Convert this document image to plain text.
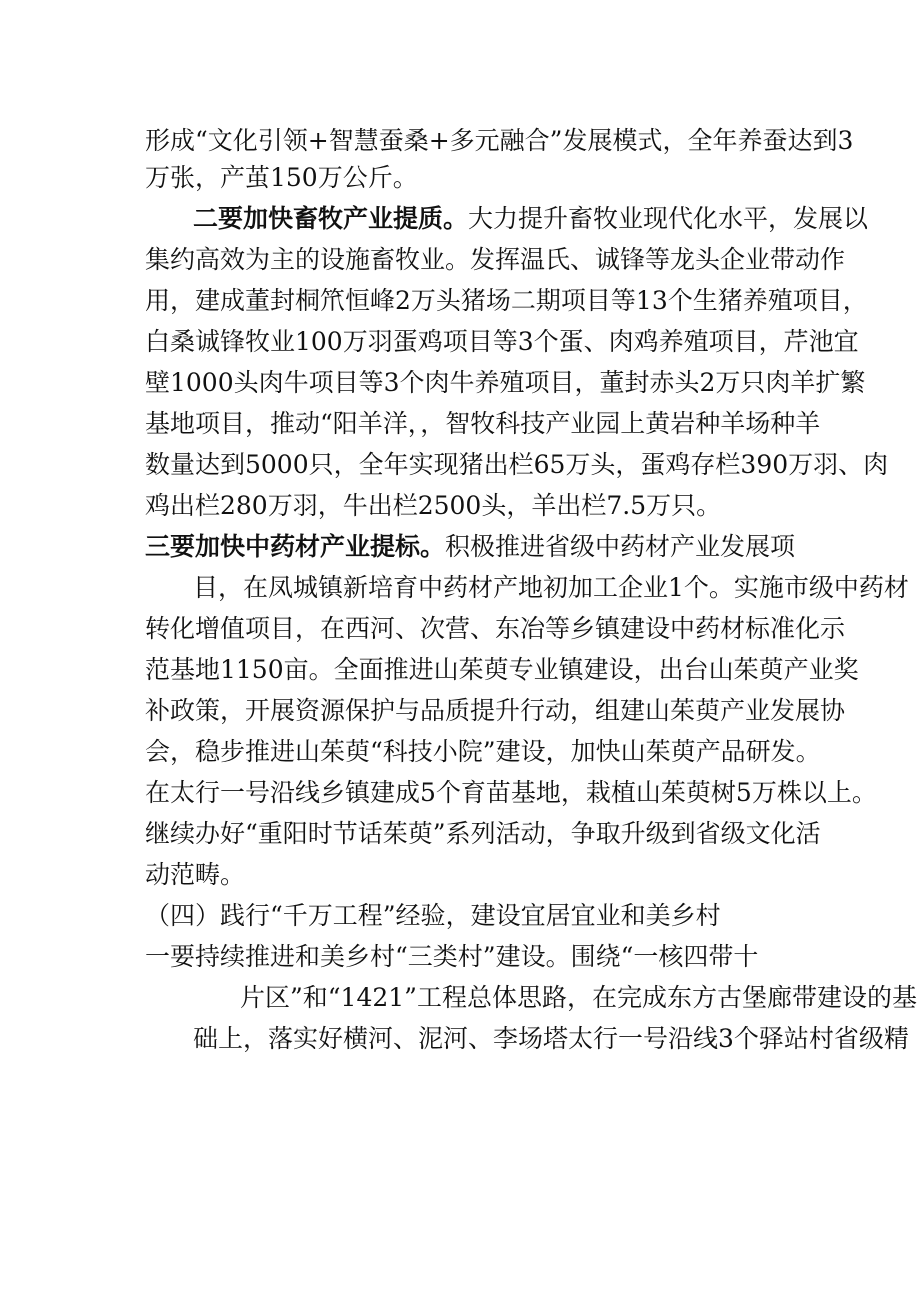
形成“文化引领+智慧蚕桑+多元融合”发展模式，全年养蚕达到3
万张，产茧150万公斤。
二要加快畜牧产业提质。大力提升畜牧业现代化水平，发展以
集约高效为主的设施畜牧业。发挥温氏、诚锋等龙头企业带动作
用，建成董封桐笊恒峰2万头猪场二期项目等13个生猪养殖项目，
白桑诚锋牧业100万羽蛋鸡项目等3个蛋、肉鸡养殖项目，芹池宜
壁1000头肉牛项目等3个肉牛养殖项目，董封赤头2万只肉羊扩繁
基地项目，推动“阳羊洋，，智牧科技产业园上黄岩种羊场种羊
数量达到5000只，全年实现猪出栏65万头，蛋鸡存栏390万羽、肉
鸡出栏280万羽，牛出栏2500头，羊出栏7.5万只。
三要加快中药材产业提标。积极推进省级中药材产业发展项
目，在凤城镇新培育中药材产地初加工企业1个。实施市级中药材
转化增值项目，在西河、次营、东冶等乡镇建设中药材标准化示
范基地1150亩。全面推进山茱萸专业镇建设，出台山茱萸产业奖
补政策，开展资源保护与品质提升行动，组建山茱萸产业发展协
会，稳步推进山茱萸“科技小院”建设，加快山茱萸产品研发。
在太行一号沿线乡镇建成5个育苗基地，栽植山茱萸树5万株以上。
继续办好“重阳时节话茱萸”系列活动，争取升级到省级文化活
动范畴。
（四）践行“千万工程”经验，建设宜居宜业和美乡村
一要持续推进和美乡村“三类村”建设。围绕“一核四带十
片区”和“1421”工程总体思路，在完成东方古堡廊带建设的基
础上，落实好横河、泥河、李场塔太行一号沿线3个驿站村省级精
